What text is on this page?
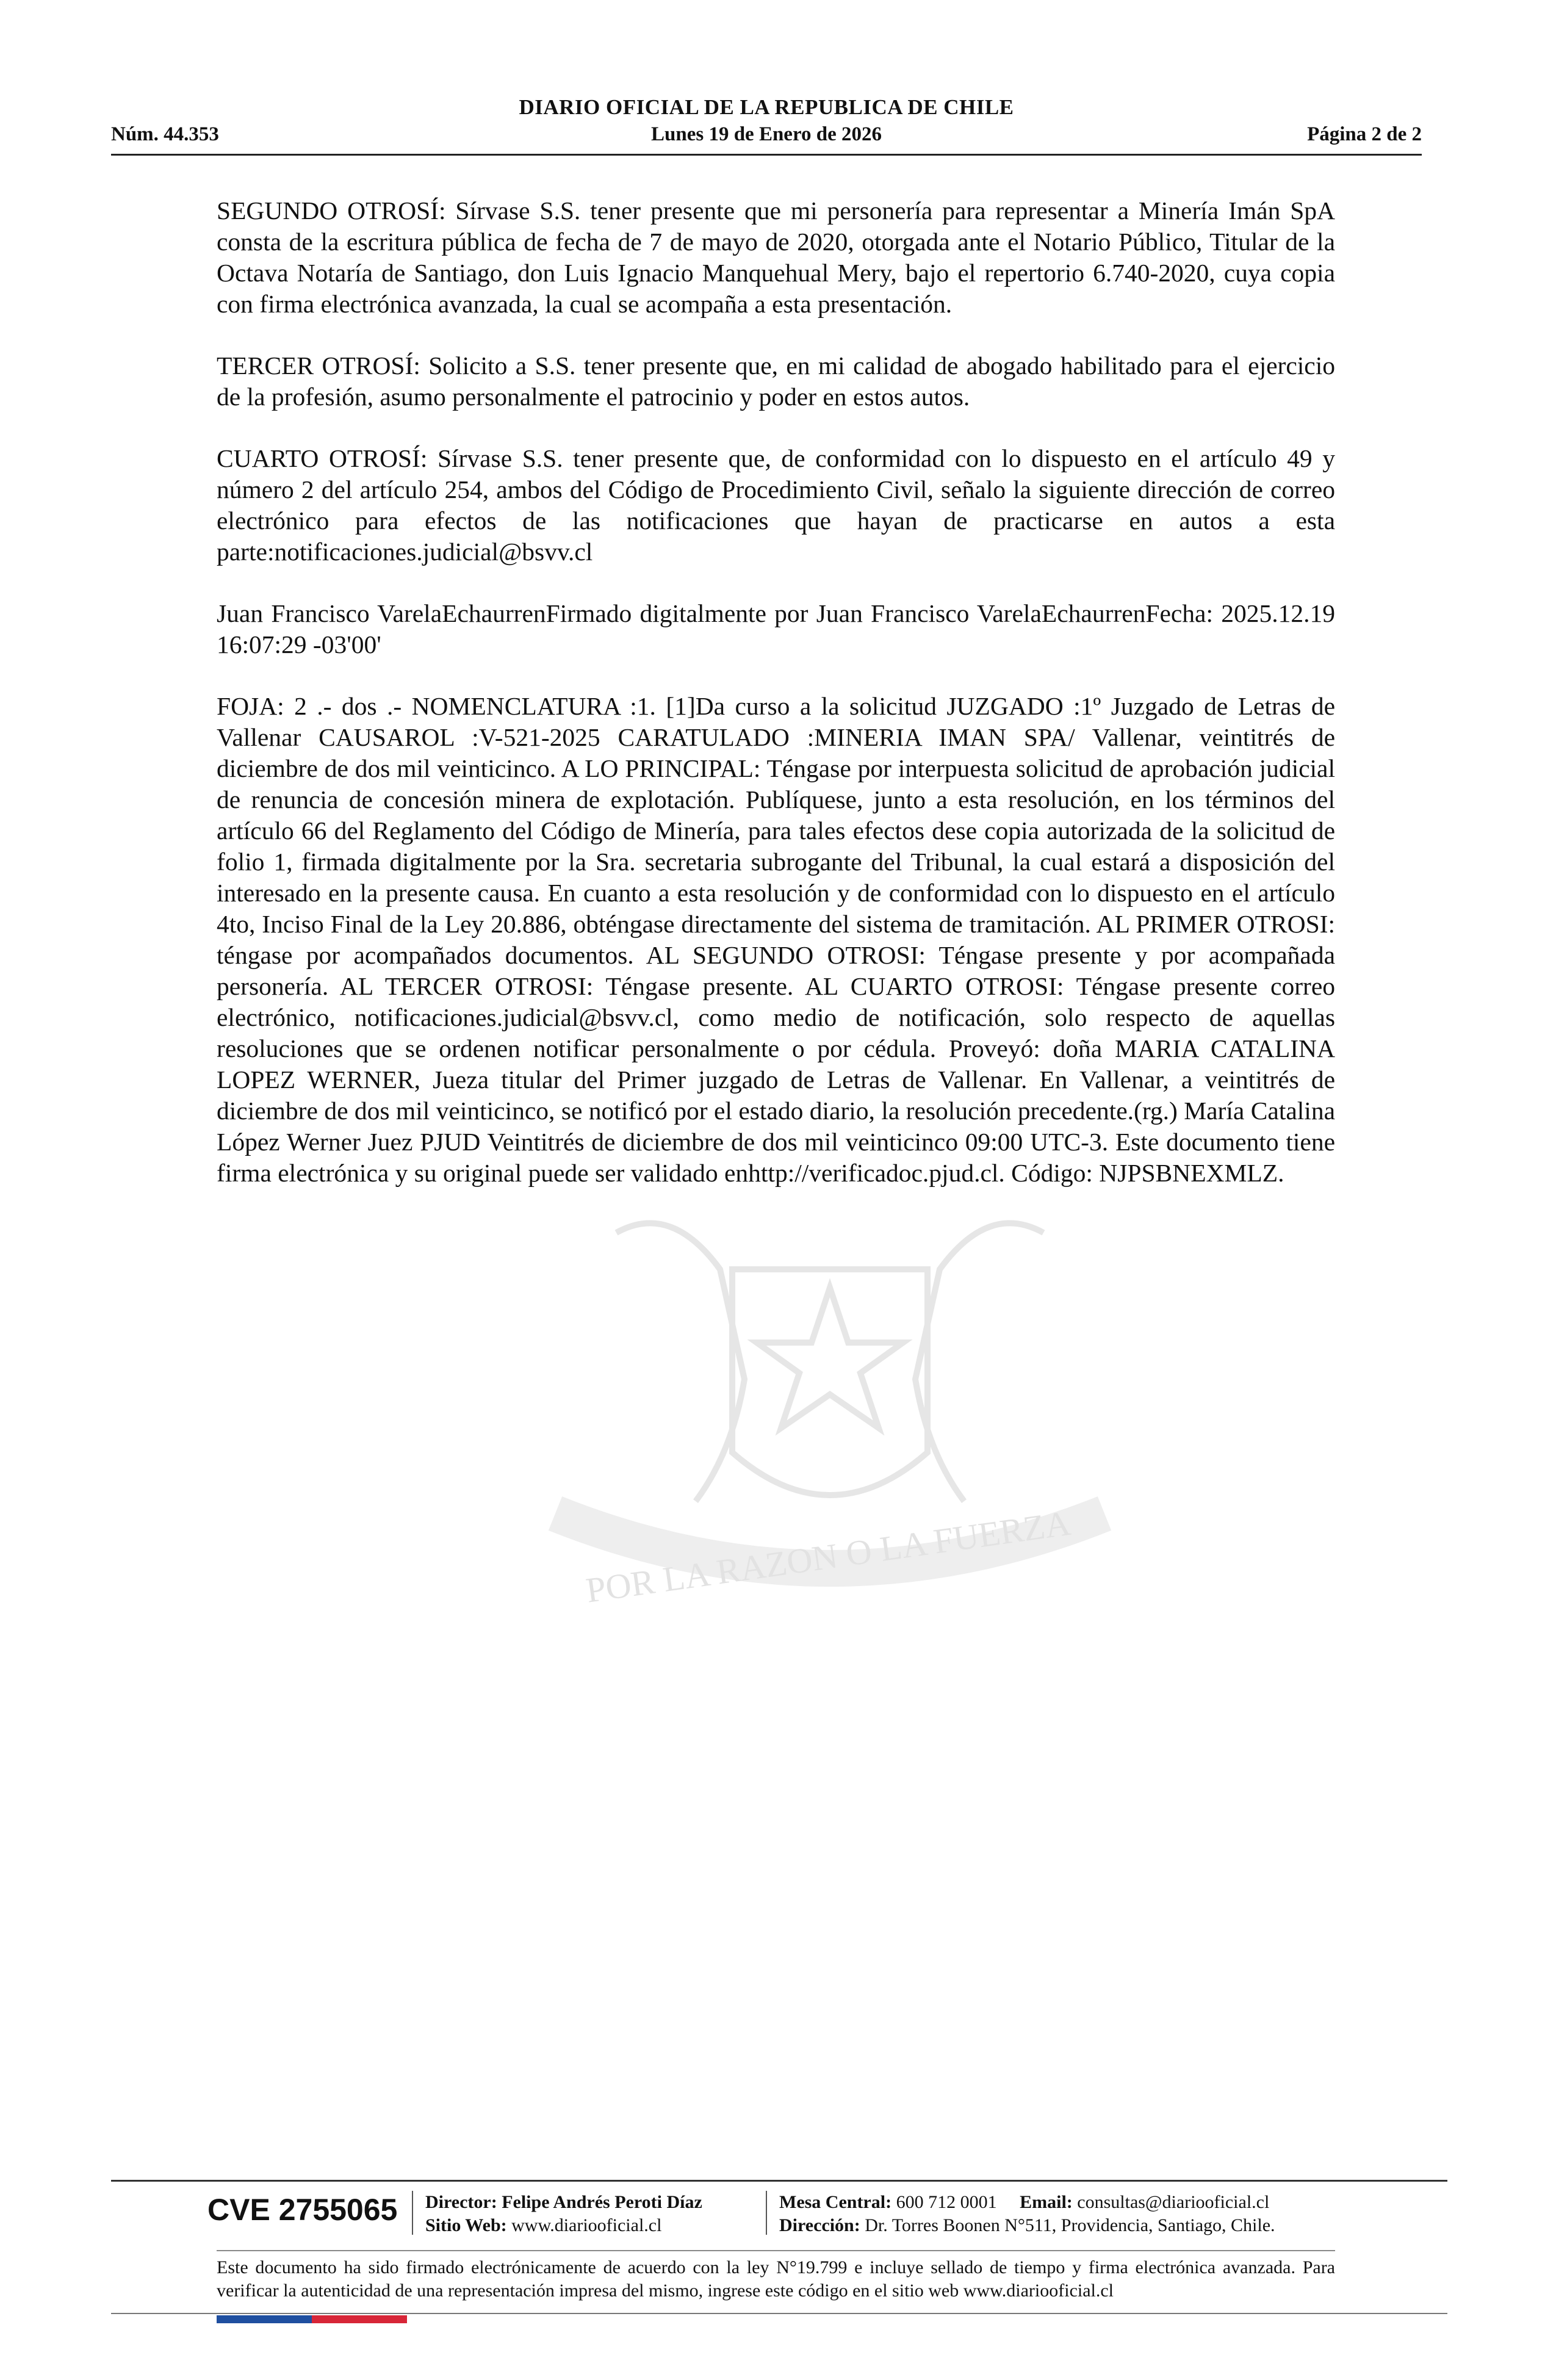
DIARIO OFICIAL DE LA REPUBLICA DE CHILE
Núm. 44.353	Lunes 19 de Enero de 2026	Página 2 de 2
POR LA RAZON O LA FUERZA

SEGUNDO OTROSÍ: Sírvase S.S. tener presente que mi personería para representar a Minería Imán SpA consta de la escritura pública de fecha de 7 de mayo de 2020, otorgada ante el Notario Público, Titular de la Octava Notaría de Santiago, don Luis Ignacio Manquehual Mery, bajo el repertorio 6.740-2020, cuya copia con firma electrónica avanzada, la cual se acompaña a esta presentación.

TERCER OTROSÍ: Solicito a S.S. tener presente que, en mi calidad de abogado habilitado para el ejercicio de la profesión, asumo personalmente el patrocinio y poder en estos autos.

CUARTO OTROSÍ: Sírvase S.S. tener presente que, de conformidad con lo dispuesto en el artículo 49 y número 2 del artículo 254, ambos del Código de Procedimiento Civil, señalo la siguiente dirección de correo electrónico para efectos de las notificaciones que hayan de practicarse en autos a esta parte:notificaciones.judicial@bsvv.cl

Juan Francisco VarelaEchaurrenFirmado digitalmente por Juan Francisco VarelaEchaurrenFecha: 2025.12.19 16:07:29 -03'00'

FOJA: 2 .- dos .- NOMENCLATURA :1. [1]Da curso a la solicitud JUZGADO :1º Juzgado de Letras de Vallenar CAUSAROL :V-521-2025 CARATULADO :MINERIA IMAN SPA/ Vallenar, veintitrés de diciembre de dos mil veinticinco. A LO PRINCIPAL: Téngase por interpuesta solicitud de aprobación judicial de renuncia de concesión minera de explotación. Publíquese, junto a esta resolución, en los términos del artículo 66 del Reglamento del Código de Minería, para tales efectos dese copia autorizada de la solicitud de folio 1, firmada digitalmente por la Sra. secretaria subrogante del Tribunal, la cual estará a disposición del interesado en la presente causa. En cuanto a esta resolución y de conformidad con lo dispuesto en el artículo 4to, Inciso Final de la Ley 20.886, obténgase directamente del sistema de tramitación. AL PRIMER OTROSI: téngase por acompañados documentos. AL SEGUNDO OTROSI: Téngase presente y por acompañada personería. AL TERCER OTROSI: Téngase presente. AL CUARTO OTROSI: Téngase presente correo electrónico, notificaciones.judicial@bsvv.cl, como medio de notificación, solo respecto de aquellas resoluciones que se ordenen notificar personalmente o por cédula. Proveyó: doña MARIA CATALINA LOPEZ WERNER, Jueza titular del Primer juzgado de Letras de Vallenar. En Vallenar, a veintitrés de diciembre de dos mil veinticinco, se notificó por el estado diario, la resolución precedente.(rg.) María Catalina López Werner Juez PJUD Veintitrés de diciembre de dos mil veinticinco 09:00 UTC-3. Este documento tiene firma electrónica y su original puede ser validado enhttp://verificadoc.pjud.cl. Código: NJPSBNEXMLZ.

CVE 2755065 Director: Felipe Andrés Peroti Díaz
Sitio Web: www.diariooficial.cl
Mesa Central: 600 712 0001 Email: consultas@diariooficial.cl
Dirección: Dr. Torres Boonen N°511, Providencia, Santiago, Chile.
Este documento ha sido firmado electrónicamente de acuerdo con la ley N°19.799 e incluye sellado de tiempo y firma electrónica avanzada. Para verificar la autenticidad de una representación impresa del mismo, ingrese este código en el sitio web www.diariooficial.cl
